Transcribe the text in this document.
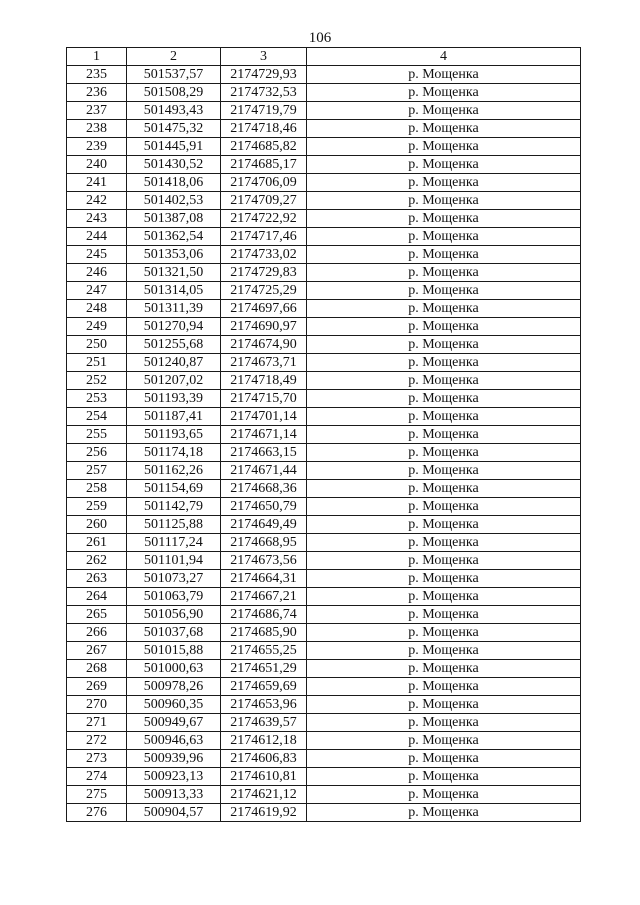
106
1	2	3	4
235	501537,57	2174729,93	р. Мощенка
236	501508,29	2174732,53	р. Мощенка
237	501493,43	2174719,79	р. Мощенка
238	501475,32	2174718,46	р. Мощенка
239	501445,91	2174685,82	р. Мощенка
240	501430,52	2174685,17	р. Мощенка
241	501418,06	2174706,09	р. Мощенка
242	501402,53	2174709,27	р. Мощенка
243	501387,08	2174722,92	р. Мощенка
244	501362,54	2174717,46	р. Мощенка
245	501353,06	2174733,02	р. Мощенка
246	501321,50	2174729,83	р. Мощенка
247	501314,05	2174725,29	р. Мощенка
248	501311,39	2174697,66	р. Мощенка
249	501270,94	2174690,97	р. Мощенка
250	501255,68	2174674,90	р. Мощенка
251	501240,87	2174673,71	р. Мощенка
252	501207,02	2174718,49	р. Мощенка
253	501193,39	2174715,70	р. Мощенка
254	501187,41	2174701,14	р. Мощенка
255	501193,65	2174671,14	р. Мощенка
256	501174,18	2174663,15	р. Мощенка
257	501162,26	2174671,44	р. Мощенка
258	501154,69	2174668,36	р. Мощенка
259	501142,79	2174650,79	р. Мощенка
260	501125,88	2174649,49	р. Мощенка
261	501117,24	2174668,95	р. Мощенка
262	501101,94	2174673,56	р. Мощенка
263	501073,27	2174664,31	р. Мощенка
264	501063,79	2174667,21	р. Мощенка
265	501056,90	2174686,74	р. Мощенка
266	501037,68	2174685,90	р. Мощенка
267	501015,88	2174655,25	р. Мощенка
268	501000,63	2174651,29	р. Мощенка
269	500978,26	2174659,69	р. Мощенка
270	500960,35	2174653,96	р. Мощенка
271	500949,67	2174639,57	р. Мощенка
272	500946,63	2174612,18	р. Мощенка
273	500939,96	2174606,83	р. Мощенка
274	500923,13	2174610,81	р. Мощенка
275	500913,33	2174621,12	р. Мощенка
276	500904,57	2174619,92	р. Мощенка
